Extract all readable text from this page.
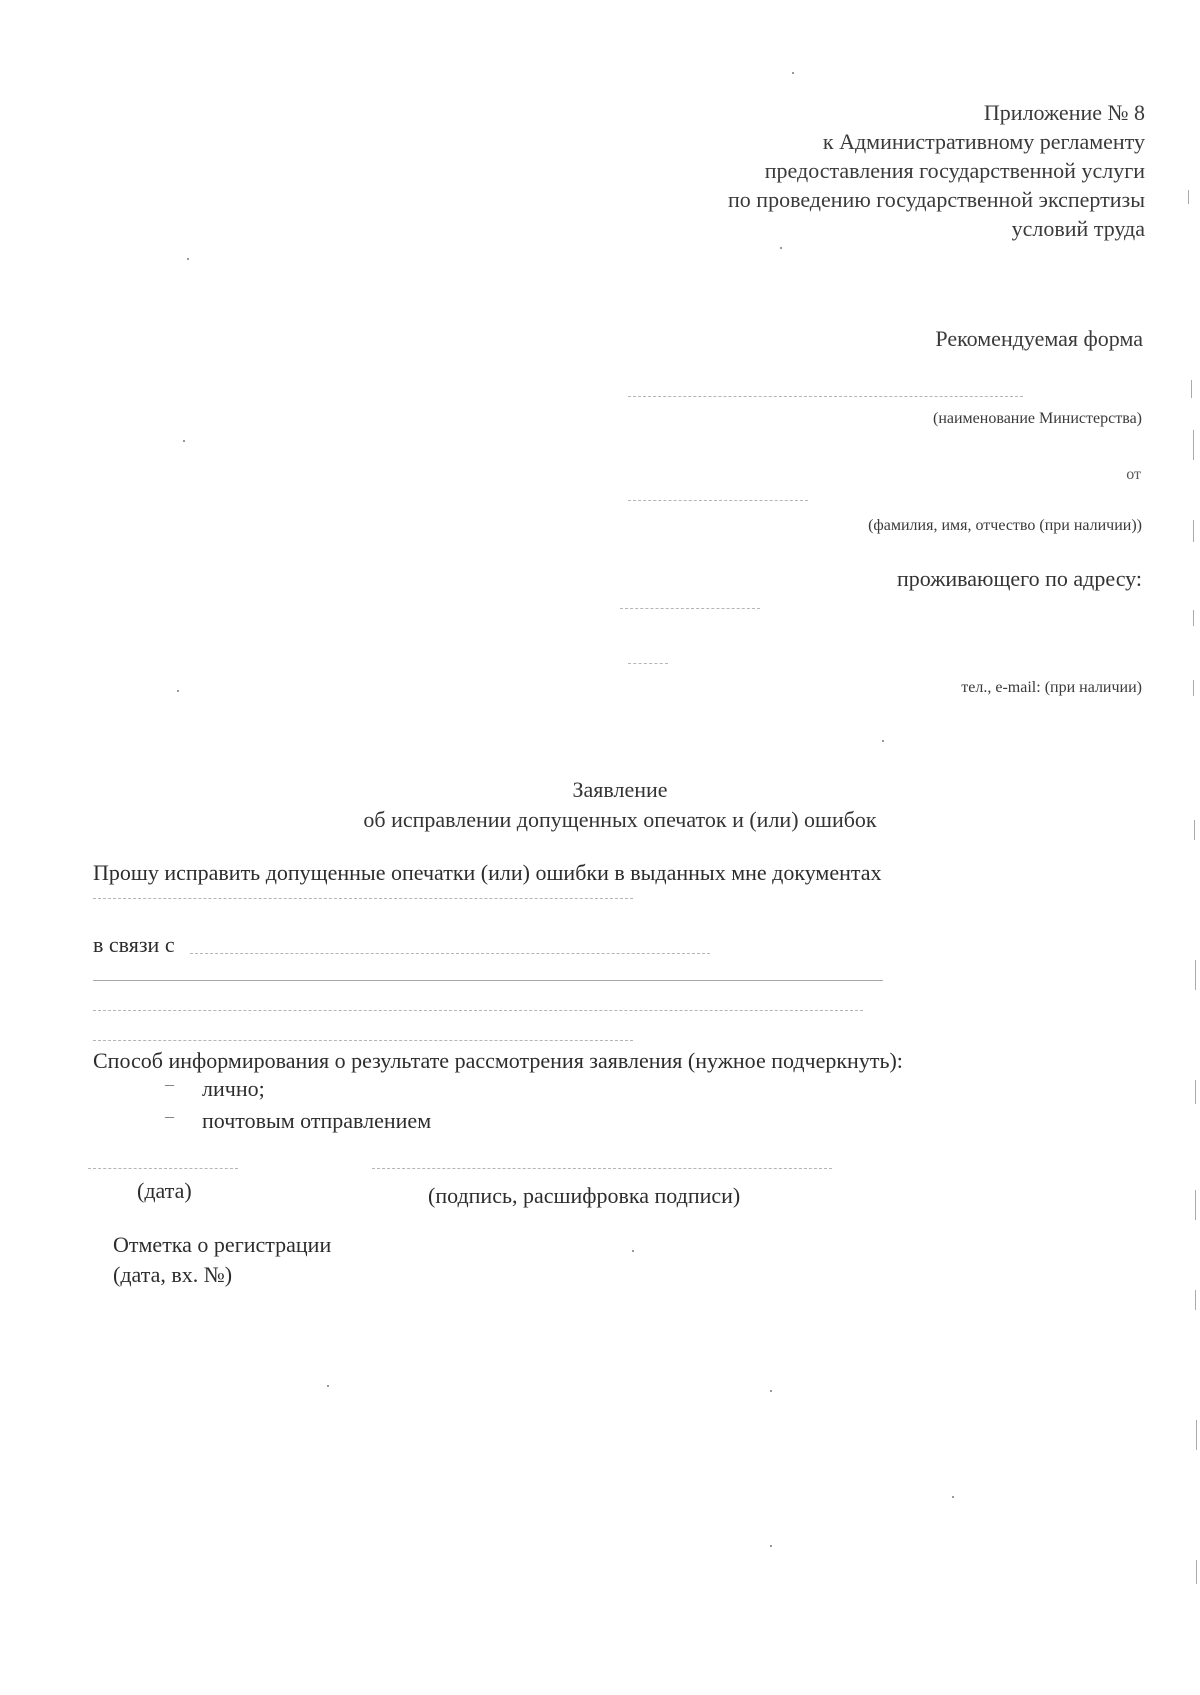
Приложение № 8
к Административному регламенту
предоставления государственной услуги
по проведению государственной экспертизы
условий труда
Рекомендуемая форма
(наименование Министерства)
от
(фамилия, имя, отчество (при наличии))
проживающего по адресу:
тел., e-mail: (при наличии)
Заявление
об исправлении допущенных опечаток и (или) ошибок
Прошу исправить допущенные опечатки (или) ошибки в выданных мне документах
в связи с
Способ информирования о результате рассмотрения заявления (нужное подчеркнуть):
– лично;
– почтовым отправлением
(дата)	(подпись, расшифровка подписи)
Отметка о регистрации
(дата, вх. №)
